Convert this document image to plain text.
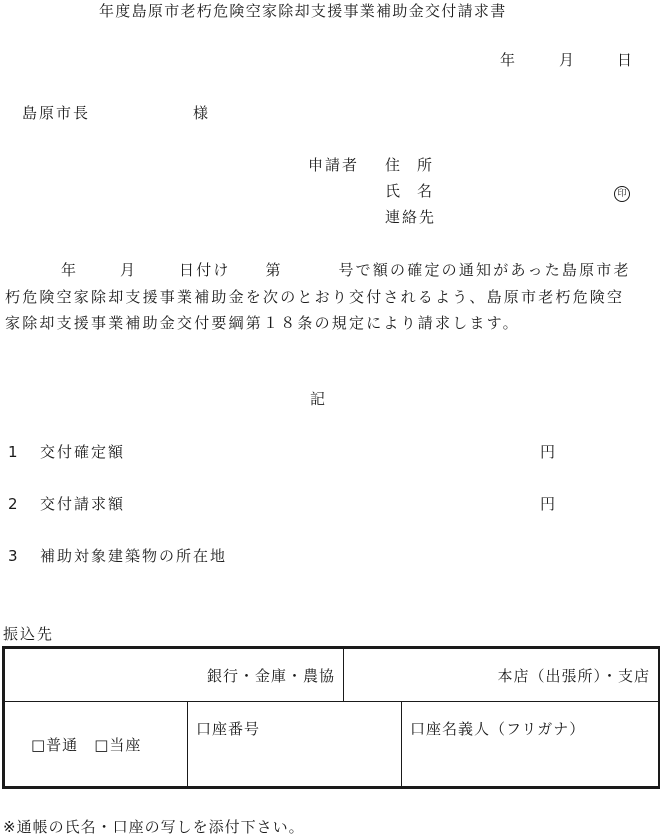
年度島原市老朽危険空家除却支援事業補助金交付請求書
年	月	日
島原市長	様
申請者 住　所
氏　名	印
連絡先
年	月	日付け 第	号で額の確定の通知があった島原市老朽危険空家除却支援事業補助金を次のとおり交付されるよう、島原市老朽危険空家除却支援事業補助金交付要綱第１８条の規定により請求します。
記
1 交付確定額	円
2 交付請求額	円
3 補助対象建築物の所在地
振込先
銀行・金庫・農協		本店（出張所）・支店	
□普通 □当座	口座番号		口座名義人（フリガナ）
※通帳の氏名・口座の写しを添付下さい。
